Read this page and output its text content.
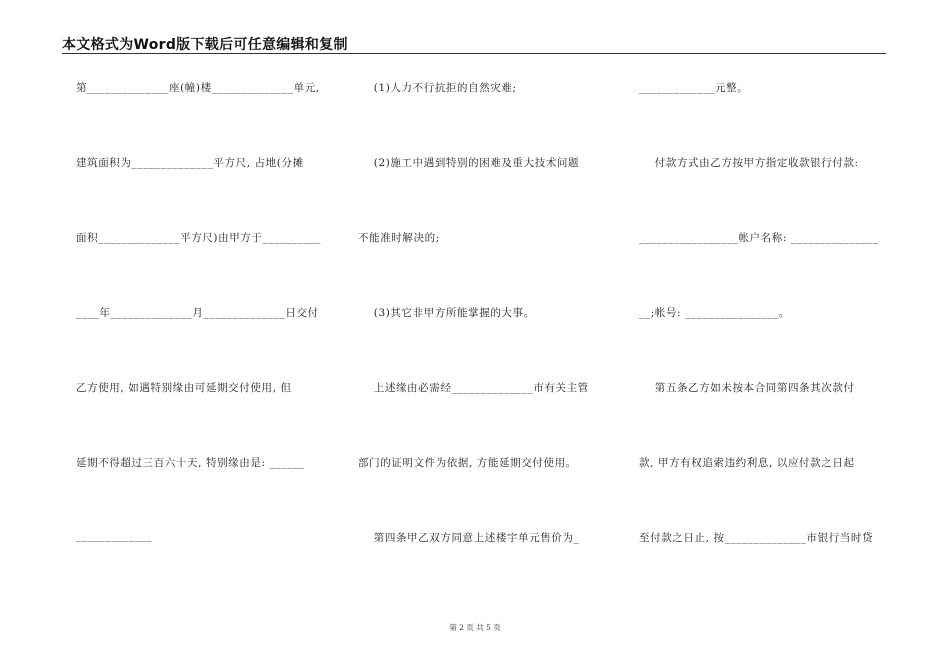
本文格式为Word版下载后可任意编辑和复制
第______________座(幢)楼______________单元,
建筑面积为______________平方尺, 占地(分摊
面积______________平方尺)由甲方于__________
____年______________月______________日交付
乙方使用, 如遇特别缘由可延期交付使用, 但
延期不得超过三百六十天, 特别缘由是: ______
_____________
(1)人力不行抗拒的自然灾难;
(2)施工中遇到特别的困难及重大技术问题
不能准时解决的;
(3)其它非甲方所能掌握的大事。
上述缘由必需经______________市有关主管
部门的证明文件为依据, 方能延期交付使用。
第四条甲乙双方同意上述楼宇单元售价为_
_____________元整。
付款方式由乙方按甲方指定收款银行付款:
_________________帐户名称: _______________
__;帐号: ________________。
第五条乙方如未按本合同第四条其次款付
款, 甲方有权追索违约利息, 以应付款之日起
至付款之日止, 按______________市银行当时贷
第 2 页 共 5 页
